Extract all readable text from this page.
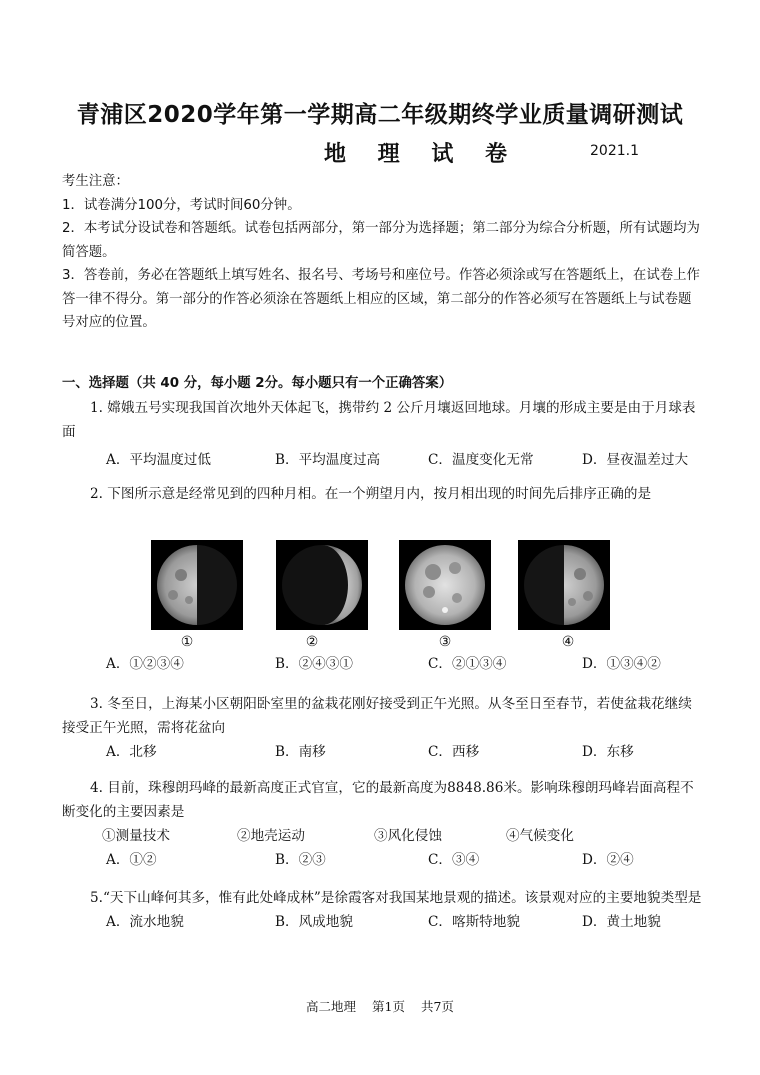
青浦区2020学年第一学期高二年级期终学业质量调研测试
地 理 试 卷	2021.1

考生注意：

1．试卷满分100分，考试时间60分钟。

2．本考试分设试卷和答题纸。试卷包括两部分，第一部分为选择题；第二部分为综合分析题，所有试题均为简答题。

3．答卷前，务必在答题纸上填写姓名、报名号、考场号和座位号。作答必须涂或写在答题纸上，在试卷上作答一律不得分。第一部分的作答必须涂在答题纸上相应的区域，第二部分的作答必须写在答题纸上与试卷题号对应的位置。

一、选择题（共 40 分，每小题 2分。每小题只有一个正确答案）

1. 嫦娥五号实现我国首次地外天体起飞，携带约 2 公斤月壤返回地球。月壤的形成主要是由于月球表面

A．平均温度过低	B．平均温度过高	C．温度变化无常	D．昼夜温差过大

2. 下图所示意是经常见到的四种月相。在一个朔望月内，按月相出现的时间先后排序正确的是

①	②	③	④
A．①②③④	B．②④③①	C．②①③④	D．①③④②

3. 冬至日，上海某小区朝阳卧室里的盆栽花刚好接受到正午光照。从冬至日至春节，若使盆栽花继续接受正午光照，需将花盆向

A．北移	B．南移	C．西移	D．东移

4. 目前，珠穆朗玛峰的最新高度正式官宣，它的最新高度为8848.86米。影响珠穆朗玛峰岩面高程不断变化的主要因素是

①测量技术	②地壳运动	③风化侵蚀	④气候变化
A．①②	B．②③	C．③④	D．②④

5.“天下山峰何其多，惟有此处峰成林”是徐霞客对我国某地景观的描述。该景观对应的主要地貌类型是

A．流水地貌	B．风成地貌	C．喀斯特地貌	D．黄土地貌
高二地理 第1页 共7页
